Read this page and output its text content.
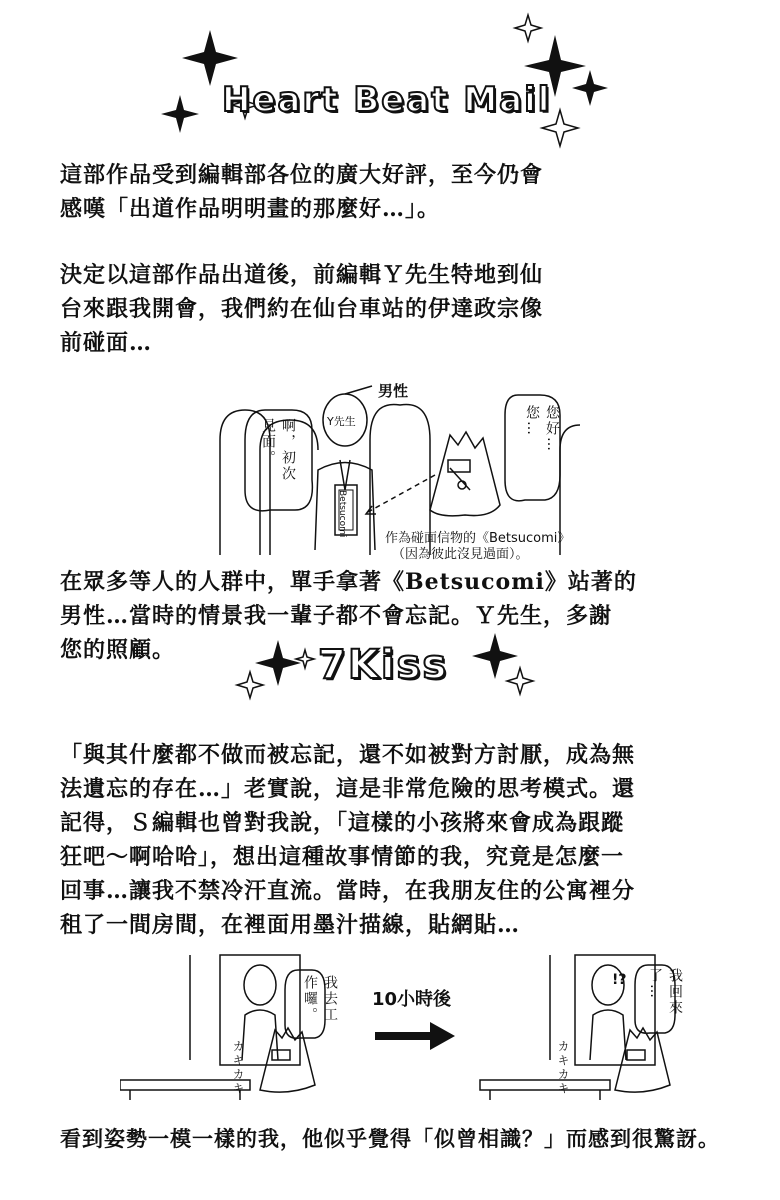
Heart Beat Mail
這部作品受到編輯部各位的廣大好評，至今仍會
感嘆「出道作品明明畫的那麼好…」。
決定以這部作品出道後，前編輯Ｙ先生特地到仙
台來跟我開會，我們約在仙台車站的伊達政宗像
前碰面…
男性
Y先生
啊，初次
見面。	您好…
您…
Betsucomi
作為碰面信物的《Betsucomi》
（因為彼此沒見過面）。
在眾多等人的人群中，單手拿著《Betsucomi》站著的
男性…當時的情景我一輩子都不會忘記。Ｙ先生，多謝
您的照顧。	7Kiss
「與其什麼都不做而被忘記，還不如被對方討厭，成為無
法遺忘的存在…」老實說，這是非常危險的思考模式。還
記得，Ｓ編輯也曾對我說，「這樣的小孩將來會成為跟蹤
狂吧～啊哈哈」，想出這種故事情節的我，究竟是怎麼一
回事…讓我不禁冷汗直流。當時，在我朋友住的公寓裡分
租了一間房間，在裡面用墨汁描線，貼網貼…
我去工
作囉。	10小時後	我回來
了…
カキカキ	カキカキ
!?
看到姿勢一模一樣的我，他似乎覺得「似曾相識？」而感到很驚訝。
